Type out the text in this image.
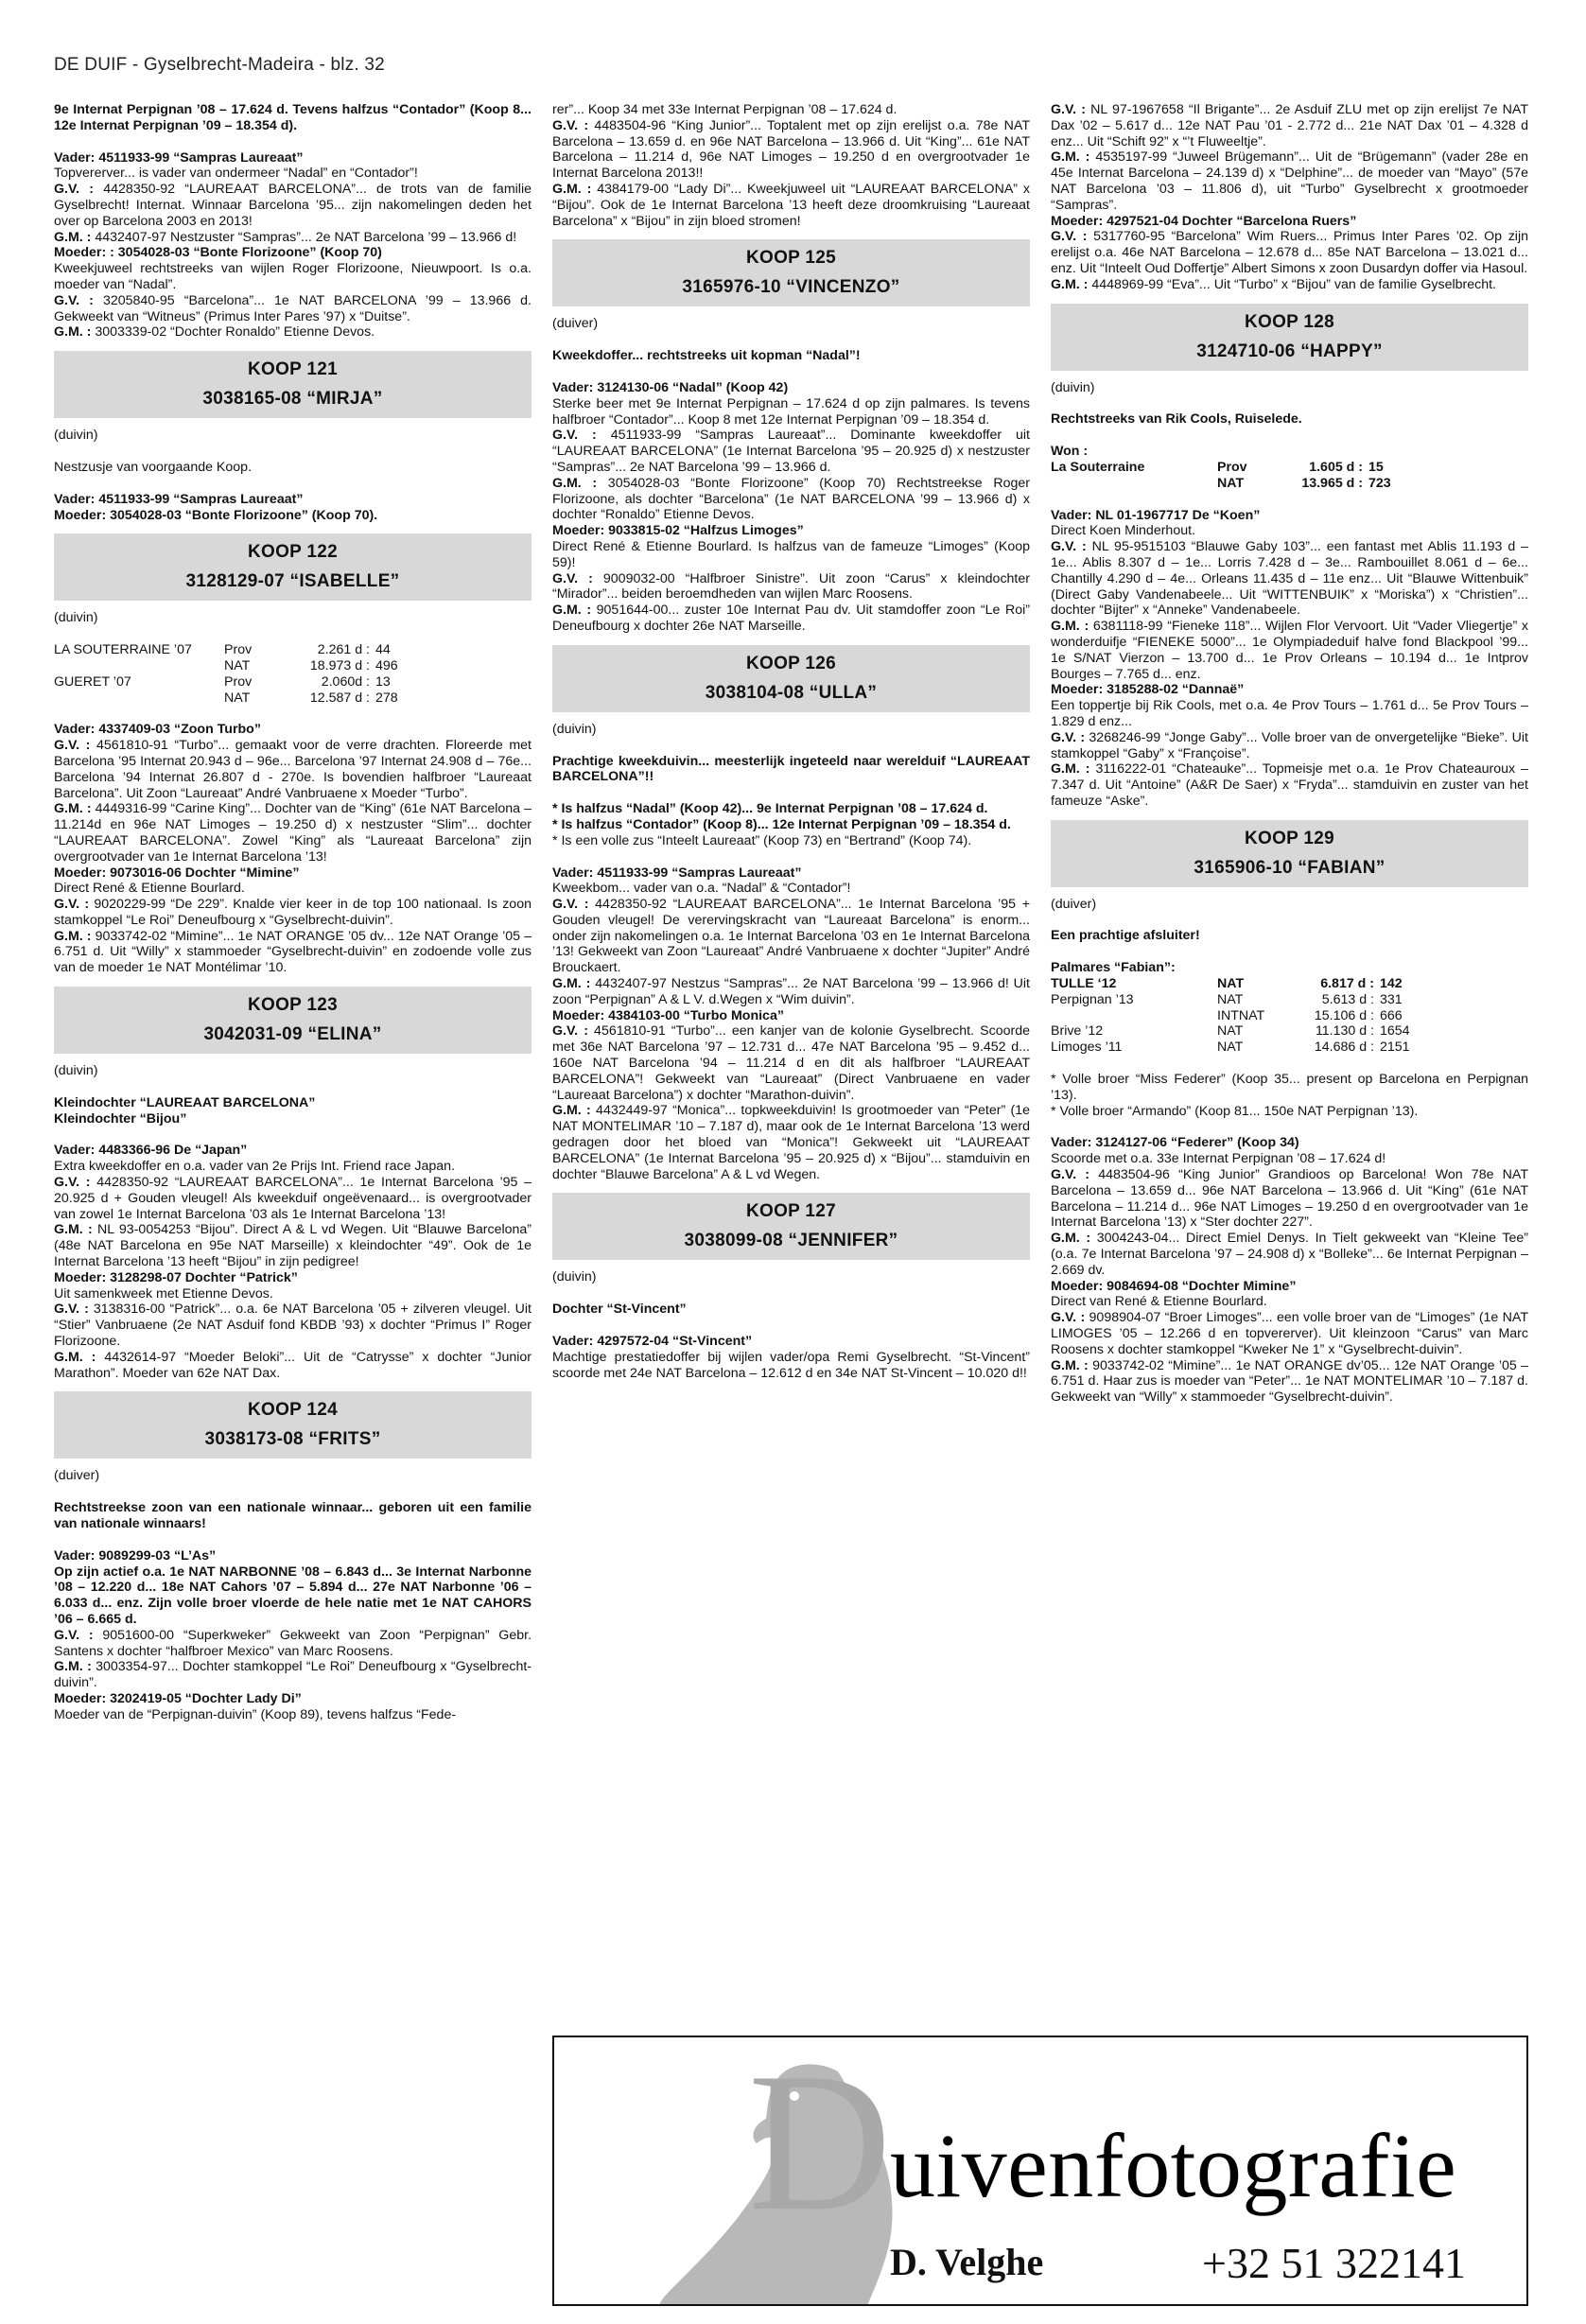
DE DUIF - Gyselbrecht-Madeira - blz. 32

9e Internat Perpignan ’08 – 17.624 d. Tevens halfzus “Contador” (Koop 8... 12e Internat Perpignan ’09 – 18.354 d).

Vader: 4511933-99 “Sampras Laureaat”

Topvererver... is vader van ondermeer “Nadal” en “Contador”!

G.V. : 4428350-92 “LAUREAAT BARCELONA”... de trots van de familie Gyselbrecht! Internat. Winnaar Barcelona ’95... zijn nakomelingen deden het over op Barcelona 2003 en 2013!

G.M. : 4432407-97 Nestzuster “Sampras”... 2e NAT Barcelona ’99 – 13.966 d!

Moeder: : 3054028-03 “Bonte Florizoone” (Koop 70)

Kweekjuweel rechtstreeks van wijlen Roger Florizoone, Nieuwpoort. Is o.a. moeder van “Nadal”.

G.V. : 3205840-95 “Barcelona”... 1e NAT BARCELONA ’99 – 13.966 d. Gekweekt van “Witneus” (Primus Inter Pares ’97) x “Duitse”.

G.M. : 3003339-02 “Dochter Ronaldo” Etienne Devos.

KOOP 121
3038165-08 “MIRJA”

(duivin)

Nestzusje van voorgaande Koop.

Vader: 4511933-99 “Sampras Laureaat”

Moeder: 3054028-03 “Bonte Florizoone” (Koop 70).

KOOP 122
3128129-07 “ISABELLE”

(duivin)

LA SOUTERRAINE ’07	Prov	2.261 d :	44
	NAT	18.973 d :	496
GUERET ’07	Prov	2.060d :	13
	NAT	12.587 d :	278

Vader: 4337409-03 “Zoon Turbo”

G.V. : 4561810-91 “Turbo”... gemaakt voor de verre drachten. Floreerde met Barcelona ’95 Internat 20.943 d – 96e... Barcelona ’97 Internat 24.908 d – 76e... Barcelona ’94 Internat 26.807 d - 270e. Is bovendien halfbroer “Laureaat Barcelona”. Uit Zoon “Laureaat” André Vanbruaene x Moeder “Turbo”.

G.M. : 4449316-99 “Carine King”... Dochter van de “King” (61e NAT Barcelona – 11.214d en 96e NAT Limoges – 19.250 d) x nestzuster “Slim”... dochter “LAUREAAT BARCELONA”. Zowel “King” als “Laureaat Barcelona” zijn overgrootvader van 1e Internat Barcelona ’13!

Moeder: 9073016-06 Dochter “Mimine”

Direct René & Etienne Bourlard.

G.V. : 9020229-99 “De 229”. Knalde vier keer in de top 100 nationaal. Is zoon stamkoppel “Le Roi” Deneufbourg x “Gyselbrecht-duivin”.

G.M. : 9033742-02 “Mimine”... 1e NAT ORANGE ’05 dv... 12e NAT Orange ’05 – 6.751 d. Uit “Willy” x stammoeder “Gyselbrecht-duivin” en zodoende volle zus van de moeder 1e NAT Montélimar ’10.

KOOP 123
3042031-09 “ELINA”

(duivin)

Kleindochter “LAUREAAT BARCELONA”

Kleindochter “Bijou”

Vader: 4483366-96 De “Japan”

Extra kweekdoffer en o.a. vader van 2e Prijs Int. Friend race Japan.

G.V. : 4428350-92 “LAUREAAT BARCELONA”... 1e Internat Barcelona ’95 – 20.925 d + Gouden vleugel! Als kweekduif ongeëvenaard... is overgrootvader van zowel 1e Internat Barcelona ’03 als 1e Internat Barcelona ’13!

G.M. : NL 93-0054253 “Bijou”. Direct A & L vd Wegen. Uit “Blauwe Barcelona” (48e NAT Barcelona en 95e NAT Marseille) x kleindochter “49”. Ook de 1e Internat Barcelona ’13 heeft “Bijou” in zijn pedigree!

Moeder: 3128298-07 Dochter “Patrick”

Uit samenkweek met Etienne Devos.

G.V. : 3138316-00 “Patrick”... o.a. 6e NAT Barcelona ’05 + zilveren vleugel. Uit “Stier” Vanbruaene (2e NAT Asduif fond KBDB ’93) x dochter “Primus I” Roger Florizoone.

G.M. : 4432614-97 “Moeder Beloki”... Uit de “Catrysse” x dochter “Junior Marathon”. Moeder van 62e NAT Dax.

KOOP 124
3038173-08 “FRITS”

(duiver)

Rechtstreekse zoon van een nationale winnaar... geboren uit een familie van nationale winnaars!

Vader: 9089299-03 “L’As”

Op zijn actief o.a. 1e NAT NARBONNE ’08 – 6.843 d... 3e Internat Narbonne ’08 – 12.220 d... 18e NAT Cahors ’07 – 5.894 d... 27e NAT Narbonne ’06 – 6.033 d... enz. Zijn volle broer vloerde de hele natie met 1e NAT CAHORS ’06 – 6.665 d.

G.V. : 9051600-00 “Superkweker” Gekweekt van Zoon “Perpignan” Gebr. Santens x dochter “halfbroer Mexico” van Marc Roosens.

G.M. : 3003354-97... Dochter stamkoppel “Le Roi” Deneufbourg x “Gyselbrecht-duivin”.

Moeder: 3202419-05 “Dochter Lady Di”

Moeder van de “Perpignan-duivin” (Koop 89), tevens halfzus “Fede-

rer”... Koop 34 met 33e Internat Perpignan ’08 – 17.624 d.

G.V. : 4483504-96 “King Junior”... Toptalent met op zijn erelijst o.a. 78e NAT Barcelona – 13.659 d. en 96e NAT Barcelona – 13.966 d. Uit “King”... 61e NAT Barcelona – 11.214 d, 96e NAT Limoges – 19.250 d en overgrootvader 1e Internat Barcelona 2013!!

G.M. : 4384179-00 “Lady Di”... Kweekjuweel uit “LAUREAAT BARCELONA” x “Bijou”. Ook de 1e Internat Barcelona ’13 heeft deze droomkruising “Laureaat Barcelona” x “Bijou” in zijn bloed stromen!

KOOP 125
3165976-10 “VINCENZO”

(duiver)

Kweekdoffer... rechtstreeks uit kopman “Nadal”!

Vader: 3124130-06 “Nadal” (Koop 42)

Sterke beer met 9e Internat Perpignan – 17.624 d op zijn palmares. Is tevens halfbroer “Contador”... Koop 8 met 12e Internat Perpignan ’09 – 18.354 d.

G.V. : 4511933-99 “Sampras Laureaat”... Dominante kweekdoffer uit “LAUREAAT BARCELONA” (1e Internat Barcelona ’95 – 20.925 d) x nestzuster “Sampras”... 2e NAT Barcelona ’99 – 13.966 d.

G.M. : 3054028-03 “Bonte Florizoone” (Koop 70) Rechtstreekse Roger Florizoone, als dochter “Barcelona” (1e NAT BARCELONA ’99 – 13.966 d) x dochter “Ronaldo” Etienne Devos.

Moeder: 9033815-02 “Halfzus Limoges”

Direct René & Etienne Bourlard. Is halfzus van de fameuze “Limoges” (Koop 59)!

G.V. : 9009032-00 “Halfbroer Sinistre”. Uit zoon “Carus” x kleindochter “Mirador”... beiden beroemdheden van wijlen Marc Roosens.

G.M. : 9051644-00... zuster 10e Internat Pau dv. Uit stamdoffer zoon “Le Roi” Deneufbourg x dochter 26e NAT Marseille.

KOOP 126
3038104-08 “ULLA”

(duivin)

Prachtige kweekduivin... meesterlijk ingeteeld naar werelduif “LAUREAAT BARCELONA”!!

* Is halfzus “Nadal” (Koop 42)... 9e Internat Perpignan ’08 – 17.624 d.

* Is halfzus “Contador” (Koop 8)... 12e Internat Perpignan ’09 – 18.354 d.

* Is een volle zus “Inteelt Laureaat” (Koop 73) en “Bertrand” (Koop 74).

Vader: 4511933-99 “Sampras Laureaat”

Kweekbom... vader van o.a. “Nadal” & “Contador”!

G.V. : 4428350-92 “LAUREAAT BARCELONA”... 1e Internat Barcelona ’95 + Gouden vleugel! De verervingskracht van “Laureaat Barcelona” is enorm... onder zijn nakomelingen o.a. 1e Internat Barcelona ’03 en 1e Internat Barcelona ’13! Gekweekt van Zoon “Laureaat” André Vanbruaene x dochter “Jupiter” André Brouckaert.

G.M. : 4432407-97 Nestzus “Sampras”... 2e NAT Barcelona ’99 – 13.966 d! Uit zoon “Perpignan” A & L V. d.Wegen x “Wim duivin”.

Moeder: 4384103-00 “Turbo Monica”

G.V. : 4561810-91 “Turbo”... een kanjer van de kolonie Gyselbrecht. Scoorde met 36e NAT Barcelona ’97 – 12.731 d... 47e NAT Barcelona ’95 – 9.452 d... 160e NAT Barcelona ’94 – 11.214 d en dit als halfbroer “LAUREAAT BARCELONA”! Gekweekt van “Laureaat” (Direct Vanbruaene en vader “Laureaat Barcelona”) x dochter “Marathon-duivin”.

G.M. : 4432449-97 “Monica”... topkweekduivin! Is grootmoeder van “Peter” (1e NAT MONTELIMAR ’10 – 7.187 d), maar ook de 1e Internat Barcelona ’13 werd gedragen door het bloed van “Monica”! Gekweekt uit “LAUREAAT BARCELONA” (1e Internat Barcelona ’95 – 20.925 d) x “Bijou”... stamduivin en dochter “Blauwe Barcelona” A & L vd Wegen.

KOOP 127
3038099-08 “JENNIFER”

(duivin)

Dochter “St-Vincent”

Vader: 4297572-04 “St-Vincent”

Machtige prestatiedoffer bij wijlen vader/opa Remi Gyselbrecht. “St-Vincent” scoorde met 24e NAT Barcelona – 12.612 d en 34e NAT St-Vincent – 10.020 d!!

G.V. : NL 97-1967658 “Il Brigante”... 2e Asduif ZLU met op zijn erelijst 7e NAT Dax ’02 – 5.617 d... 12e NAT Pau ’01 - 2.772 d... 21e NAT Dax ’01 – 4.328 d enz... Uit “Schift 92” x “’t Fluweeltje”.

G.M. : 4535197-99 “Juweel Brügemann”... Uit de “Brügemann” (vader 28e en 45e Internat Barcelona – 24.139 d) x “Delphine”... de moeder van “Mayo” (57e NAT Barcelona ’03 – 11.806 d), uit “Turbo” Gyselbrecht x grootmoeder “Sampras”.

Moeder: 4297521-04 Dochter “Barcelona Ruers”

G.V. : 5317760-95 “Barcelona” Wim Ruers... Primus Inter Pares ’02. Op zijn erelijst o.a. 46e NAT Barcelona – 12.678 d... 85e NAT Barcelona – 13.021 d... enz. Uit “Inteelt Oud Doffertje” Albert Simons x zoon Dusardyn doffer via Hasoul.

G.M. : 4448969-99 “Eva”... Uit “Turbo” x “Bijou” van de familie Gyselbrecht.

KOOP 128
3124710-06 “HAPPY”

(duivin)

Rechtstreeks van Rik Cools, Ruiselede.

Won :

La Souterraine	Prov	1.605 d :	15
	NAT	13.965 d :	723

Vader: NL 01-1967717 De “Koen”

Direct Koen Minderhout.

G.V. : NL 95-9515103 “Blauwe Gaby 103”... een fantast met Ablis 11.193 d – 1e... Ablis 8.307 d – 1e... Lorris 7.428 d – 3e... Rambouillet 8.061 d – 6e... Chantilly 4.290 d – 4e... Orleans 11.435 d – 11e enz... Uit “Blauwe Wittenbuik” (Direct Gaby Vandenabeele... Uit “WITTENBUIK” x “Moriska”) x “Christien”... dochter “Bijter” x “Anneke” Vandenabeele.

G.M. : 6381118-99 “Fieneke 118”... Wijlen Flor Vervoort. Uit “Vader Vliegertje” x wonderduifje “FIENEKE 5000”... 1e Olympiadeduif halve fond Blackpool ’99... 1e S/NAT Vierzon – 13.700 d... 1e Prov Orleans – 10.194 d... 1e Intprov Bourges – 7.765 d... enz.

Moeder: 3185288-02 “Dannaë”

Een toppertje bij Rik Cools, met o.a. 4e Prov Tours – 1.761 d... 5e Prov Tours – 1.829 d enz...

G.V. : 3268246-99 “Jonge Gaby”... Volle broer van de onvergetelijke “Bieke”. Uit stamkoppel “Gaby” x “Françoise”.

G.M. : 3116222-01 “Chateauke”... Topmeisje met o.a. 1e Prov Chateauroux – 7.347 d. Uit “Antoine” (A&R De Saer) x “Fryda”... stamduivin en zuster van het fameuze “Aske”.

KOOP 129
3165906-10 “FABIAN”

(duiver)

Een prachtige afsluiter!

Palmares “Fabian”:

TULLE ‘12	NAT	6.817 d :	142
Perpignan ’13	NAT	5.613 d :	331
	INTNAT	15.106 d :	666
Brive ’12	NAT	11.130 d :	1654
Limoges ’11	NAT	14.686 d :	2151

* Volle broer “Miss Federer” (Koop 35... present op Barcelona en Perpignan ’13).

* Volle broer “Armando” (Koop 81... 150e NAT Perpignan ’13).

Vader: 3124127-06 “Federer” (Koop 34)

Scoorde met o.a. 33e Internat Perpignan ’08 – 17.624 d!

G.V. : 4483504-96 “King Junior” Grandioos op Barcelona! Won 78e NAT Barcelona – 13.659 d... 96e NAT Barcelona – 13.966 d. Uit “King” (61e NAT Barcelona – 11.214 d... 96e NAT Limoges – 19.250 d en overgrootvader van 1e Internat Barcelona ’13) x “Ster dochter 227”.

G.M. : 3004243-04... Direct Emiel Denys. In Tielt gekweekt van “Kleine Tee” (o.a. 7e Internat Barcelona ’97 – 24.908 d) x “Bolleke”... 6e Internat Perpignan – 2.669 dv.

Moeder: 9084694-08 “Dochter Mimine”

Direct van René & Etienne Bourlard.

G.V. : 9098904-07 “Broer Limoges”... een volle broer van de “Limoges” (1e NAT LIMOGES ’05 – 12.266 d en topvererver). Uit kleinzoon “Carus” van Marc Roosens x dochter stamkoppel “Kweker Ne 1” x “Gyselbrecht-duivin”.

G.M. : 9033742-02 “Mimine”... 1e NAT ORANGE dv’05... 12e NAT Orange ’05 – 6.751 d. Haar zus is moeder van “Peter”... 1e NAT MONTELIMAR ’10 – 7.187 d. Gekweekt van “Willy” x stammoeder “Gyselbrecht-duivin”.

D
uivenfotografie
D. Velghe	+32 51 322141
